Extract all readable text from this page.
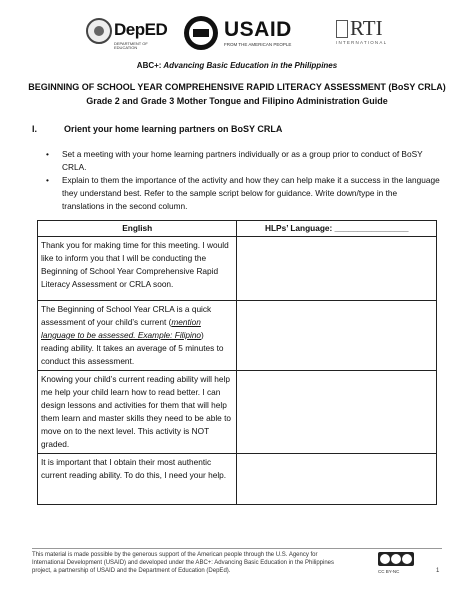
DepED
DEPARTMENT OF EDUCATION
USAID
FROM THE AMERICAN PEOPLE
RTI
INTERNATIONAL
ABC+: Advancing Basic Education in the Philippines
BEGINNING OF SCHOOL YEAR COMPREHENSIVE RAPID LITERACY ASSESSMENT (BoSY CRLA)
Grade 2 and Grade 3 Mother Tongue and Filipino Administration Guide
I.	Orient your home learning partners on BoSY CRLA
• Set a meeting with your home learning partners individually or as a group prior to conduct of BoSY CRLA.
• Explain to them the importance of the activity and how they can help make it a success in the language they understand best. Refer to the sample script below for guidance. Write down/type in the translations in the second column.
English	HLPs’ Language: ________________
Thank you for making time for this meeting. I would like to inform you that I will be conducting the Beginning of School Year Comprehensive Rapid Literacy Assessment or CRLA soon.	
The Beginning of School Year CRLA is a quick assessment of your child’s current (mention language to be assessed. Example: Filipino) reading ability. It takes an average of 5 minutes to conduct this assessment.	
Knowing your child’s current reading ability will help me help your child learn how to read better. I can design lessons and activities for them that will help them learn and master skills they need to be able to move on to the next level. This activity is NOT graded.	
It is important that I obtain their most authentic current reading ability. To do this, I need your help.	
This material is made possible by the generous support of the American people through the U.S. Agency for International Development (USAID) and developed under the ABC+: Advancing Basic Education in the Philippines project, a partnership of USAID and the Department of Education (DepEd).	CC BY-NC	1
